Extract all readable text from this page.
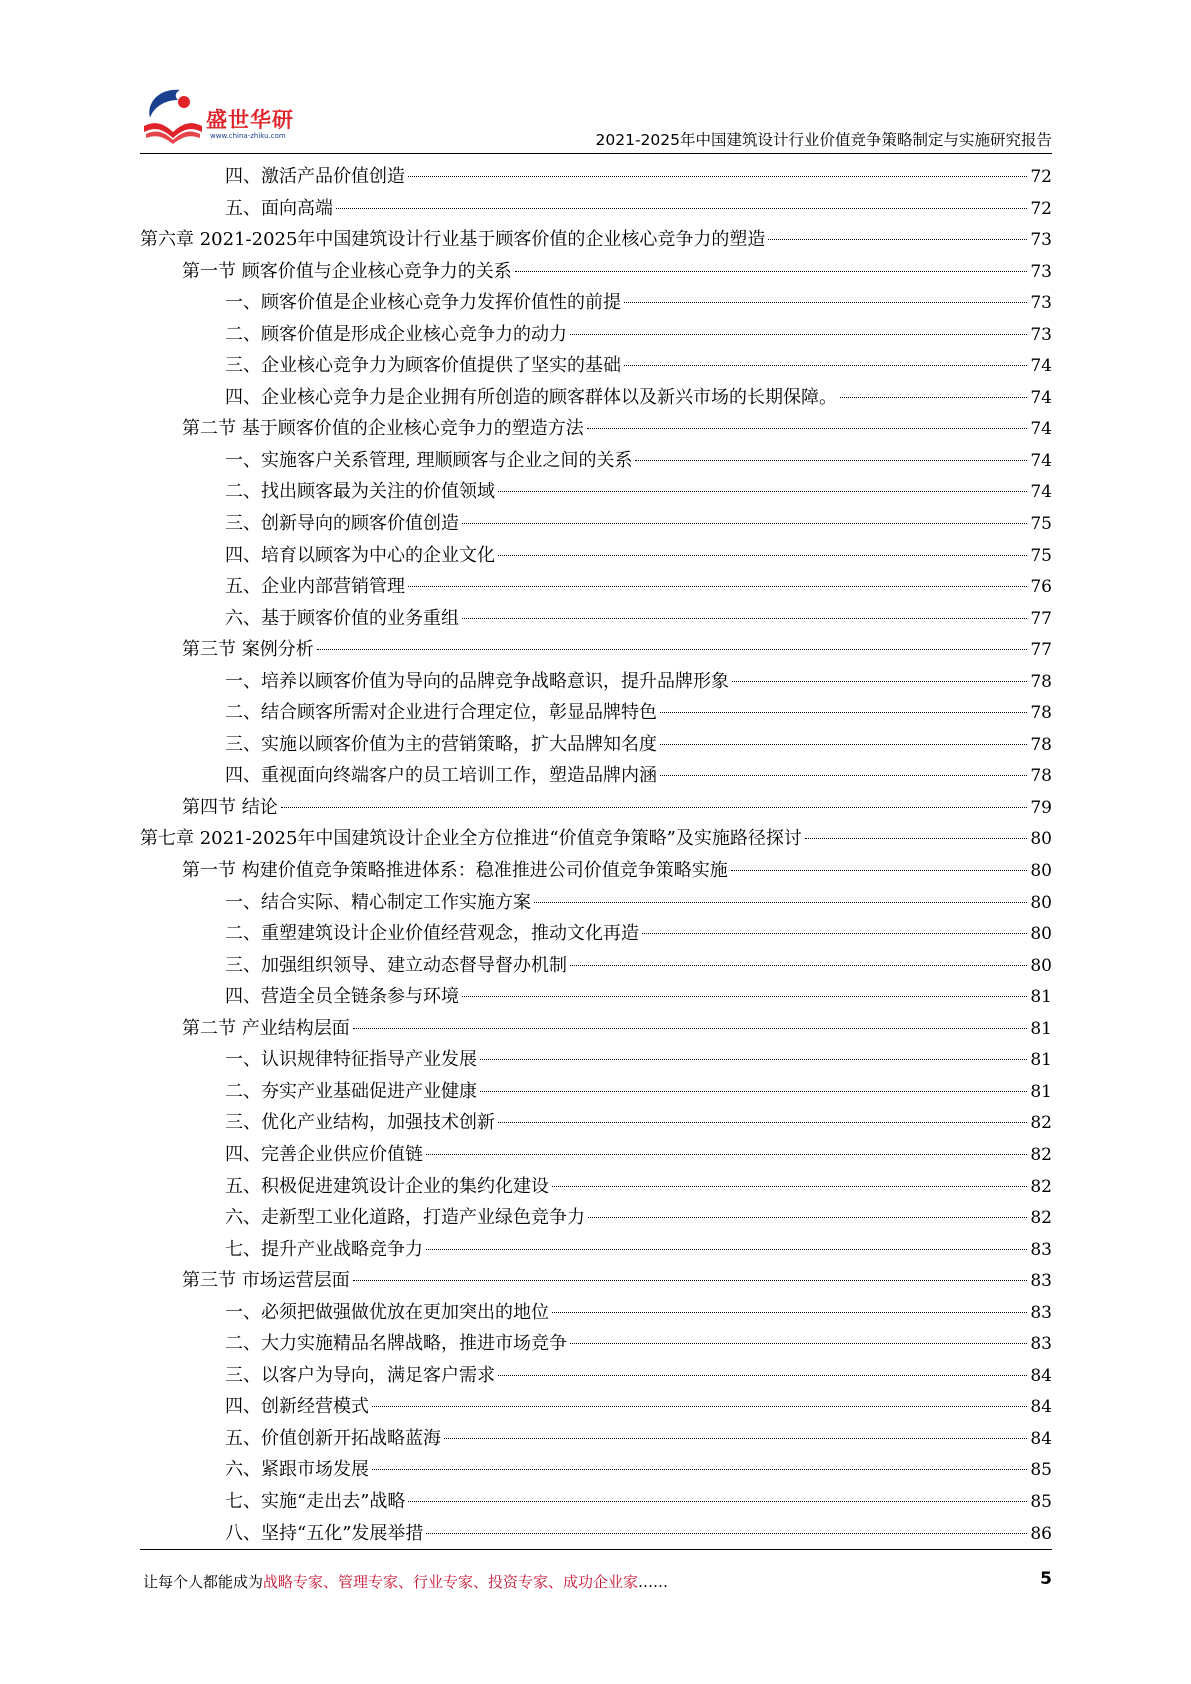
盛世华研
www.china-zhiku.com	2021-2025年中国建筑设计行业价值竞争策略制定与实施研究报告
四、激活产品价值创造	72
五、面向高端	72
第六章 2021-2025年中国建筑设计行业基于顾客价值的企业核心竞争力的塑造	73
第一节 顾客价值与企业核心竞争力的关系	73
一、顾客价值是企业核心竞争力发挥价值性的前提	73
二、顾客价值是形成企业核心竞争力的动力	73
三、企业核心竞争力为顾客价值提供了坚实的基础	74
四、企业核心竞争力是企业拥有所创造的顾客群体以及新兴市场的长期保障。	74
第二节 基于顾客价值的企业核心竞争力的塑造方法	74
一、实施客户关系管理, 理顺顾客与企业之间的关系	74
二、找出顾客最为关注的价值领域	74
三、创新导向的顾客价值创造	75
四、培育以顾客为中心的企业文化	75
五、企业内部营销管理	76
六、基于顾客价值的业务重组	77
第三节 案例分析	77
一、培养以顾客价值为导向的品牌竞争战略意识，提升品牌形象	78
二、结合顾客所需对企业进行合理定位，彰显品牌特色	78
三、实施以顾客价值为主的营销策略，扩大品牌知名度	78
四、重视面向终端客户的员工培训工作，塑造品牌内涵	78
第四节 结论	79
第七章 2021-2025年中国建筑设计企业全方位推进“价值竞争策略”及实施路径探讨	80
第一节 构建价值竞争策略推进体系：稳准推进公司价值竞争策略实施	80
一、结合实际、精心制定工作实施方案	80
二、重塑建筑设计企业价值经营观念，推动文化再造	80
三、加强组织领导、建立动态督导督办机制	80
四、营造全员全链条参与环境	81
第二节 产业结构层面	81
一、认识规律特征指导产业发展	81
二、夯实产业基础促进产业健康	81
三、优化产业结构，加强技术创新	82
四、完善企业供应价值链	82
五、积极促进建筑设计企业的集约化建设	82
六、走新型工业化道路，打造产业绿色竞争力	82
七、提升产业战略竞争力	83
第三节 市场运营层面	83
一、必须把做强做优放在更加突出的地位	83
二、大力实施精品名牌战略，推进市场竞争	83
三、以客户为导向，满足客户需求	84
四、创新经营模式	84
五、价值创新开拓战略蓝海	84
六、紧跟市场发展	85
七、实施“走出去”战略	85
八、坚持“五化”发展举措	86
让每个人都能成为战略专家、管理专家、行业专家、投资专家、成功企业家……	5
